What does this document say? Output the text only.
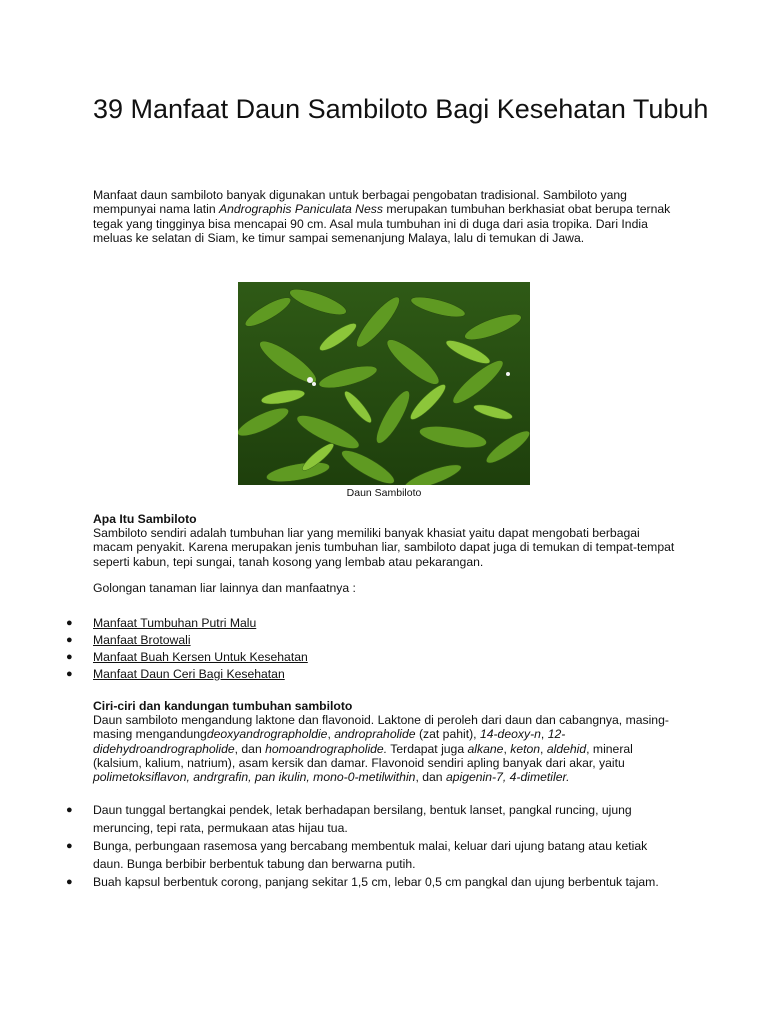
39 Manfaat Daun Sambiloto Bagi Kesehatan Tubuh

Manfaat daun sambiloto banyak digunakan untuk berbagai pengobatan tradisional. Sambiloto yang mempunyai nama latin Andrographis Paniculata Ness merupakan tumbuhan berkhasiat obat berupa ternak tegak yang tingginya bisa mencapai 90 cm. Asal mula tumbuhan ini di duga dari asia tropika. Dari India meluas ke selatan di Siam, ke timur sampai semenanjung Malaya, lalu di temukan di Jawa.

Daun Sambiloto

Apa Itu Sambiloto

Sambiloto sendiri adalah tumbuhan liar yang memiliki banyak khasiat yaitu dapat mengobati berbagai macam penyakit. Karena merupakan jenis tumbuhan liar, sambiloto dapat juga di temukan di tempat-tempat seperti kabun, tepi sungai, tanah kosong yang lembab atau pekarangan.

Golongan tanaman liar lainnya dan manfaatnya :

● Manfaat Tumbuhan Putri Malu
● Manfaat Brotowali
● Manfaat Buah Kersen Untuk Kesehatan
● Manfaat Daun Ceri Bagi Kesehatan

Ciri-ciri dan kandungan tumbuhan sambiloto

Daun sambiloto mengandung laktone dan flavonoid. Laktone di peroleh dari daun dan cabangnya, masing-masing mengandungdeoxyandrographoldie, andropraholide (zat pahit), 14-deoxy-n, 12-didehydroandrographolide, dan homoandrographolide. Terdapat juga alkane, keton, aldehid, mineral (kalsium, kalium, natrium), asam kersik dan damar. Flavonoid sendiri apling banyak dari akar, yaitu polimetoksiflavon, andrgrafin, pan ikulin, mono-0-metilwithin, dan apigenin-7, 4-dimetiler.

● Daun tunggal bertangkai pendek, letak berhadapan bersilang, bentuk lanset, pangkal runcing, ujung meruncing, tepi rata, permukaan atas hijau tua.
● Bunga, perbungaan rasemosa yang bercabang membentuk malai, keluar dari ujung batang atau ketiak daun. Bunga berbibir berbentuk tabung dan berwarna putih.
● Buah kapsul berbentuk corong, panjang sekitar 1,5 cm, lebar 0,5 cm pangkal dan ujung berbentuk tajam.
